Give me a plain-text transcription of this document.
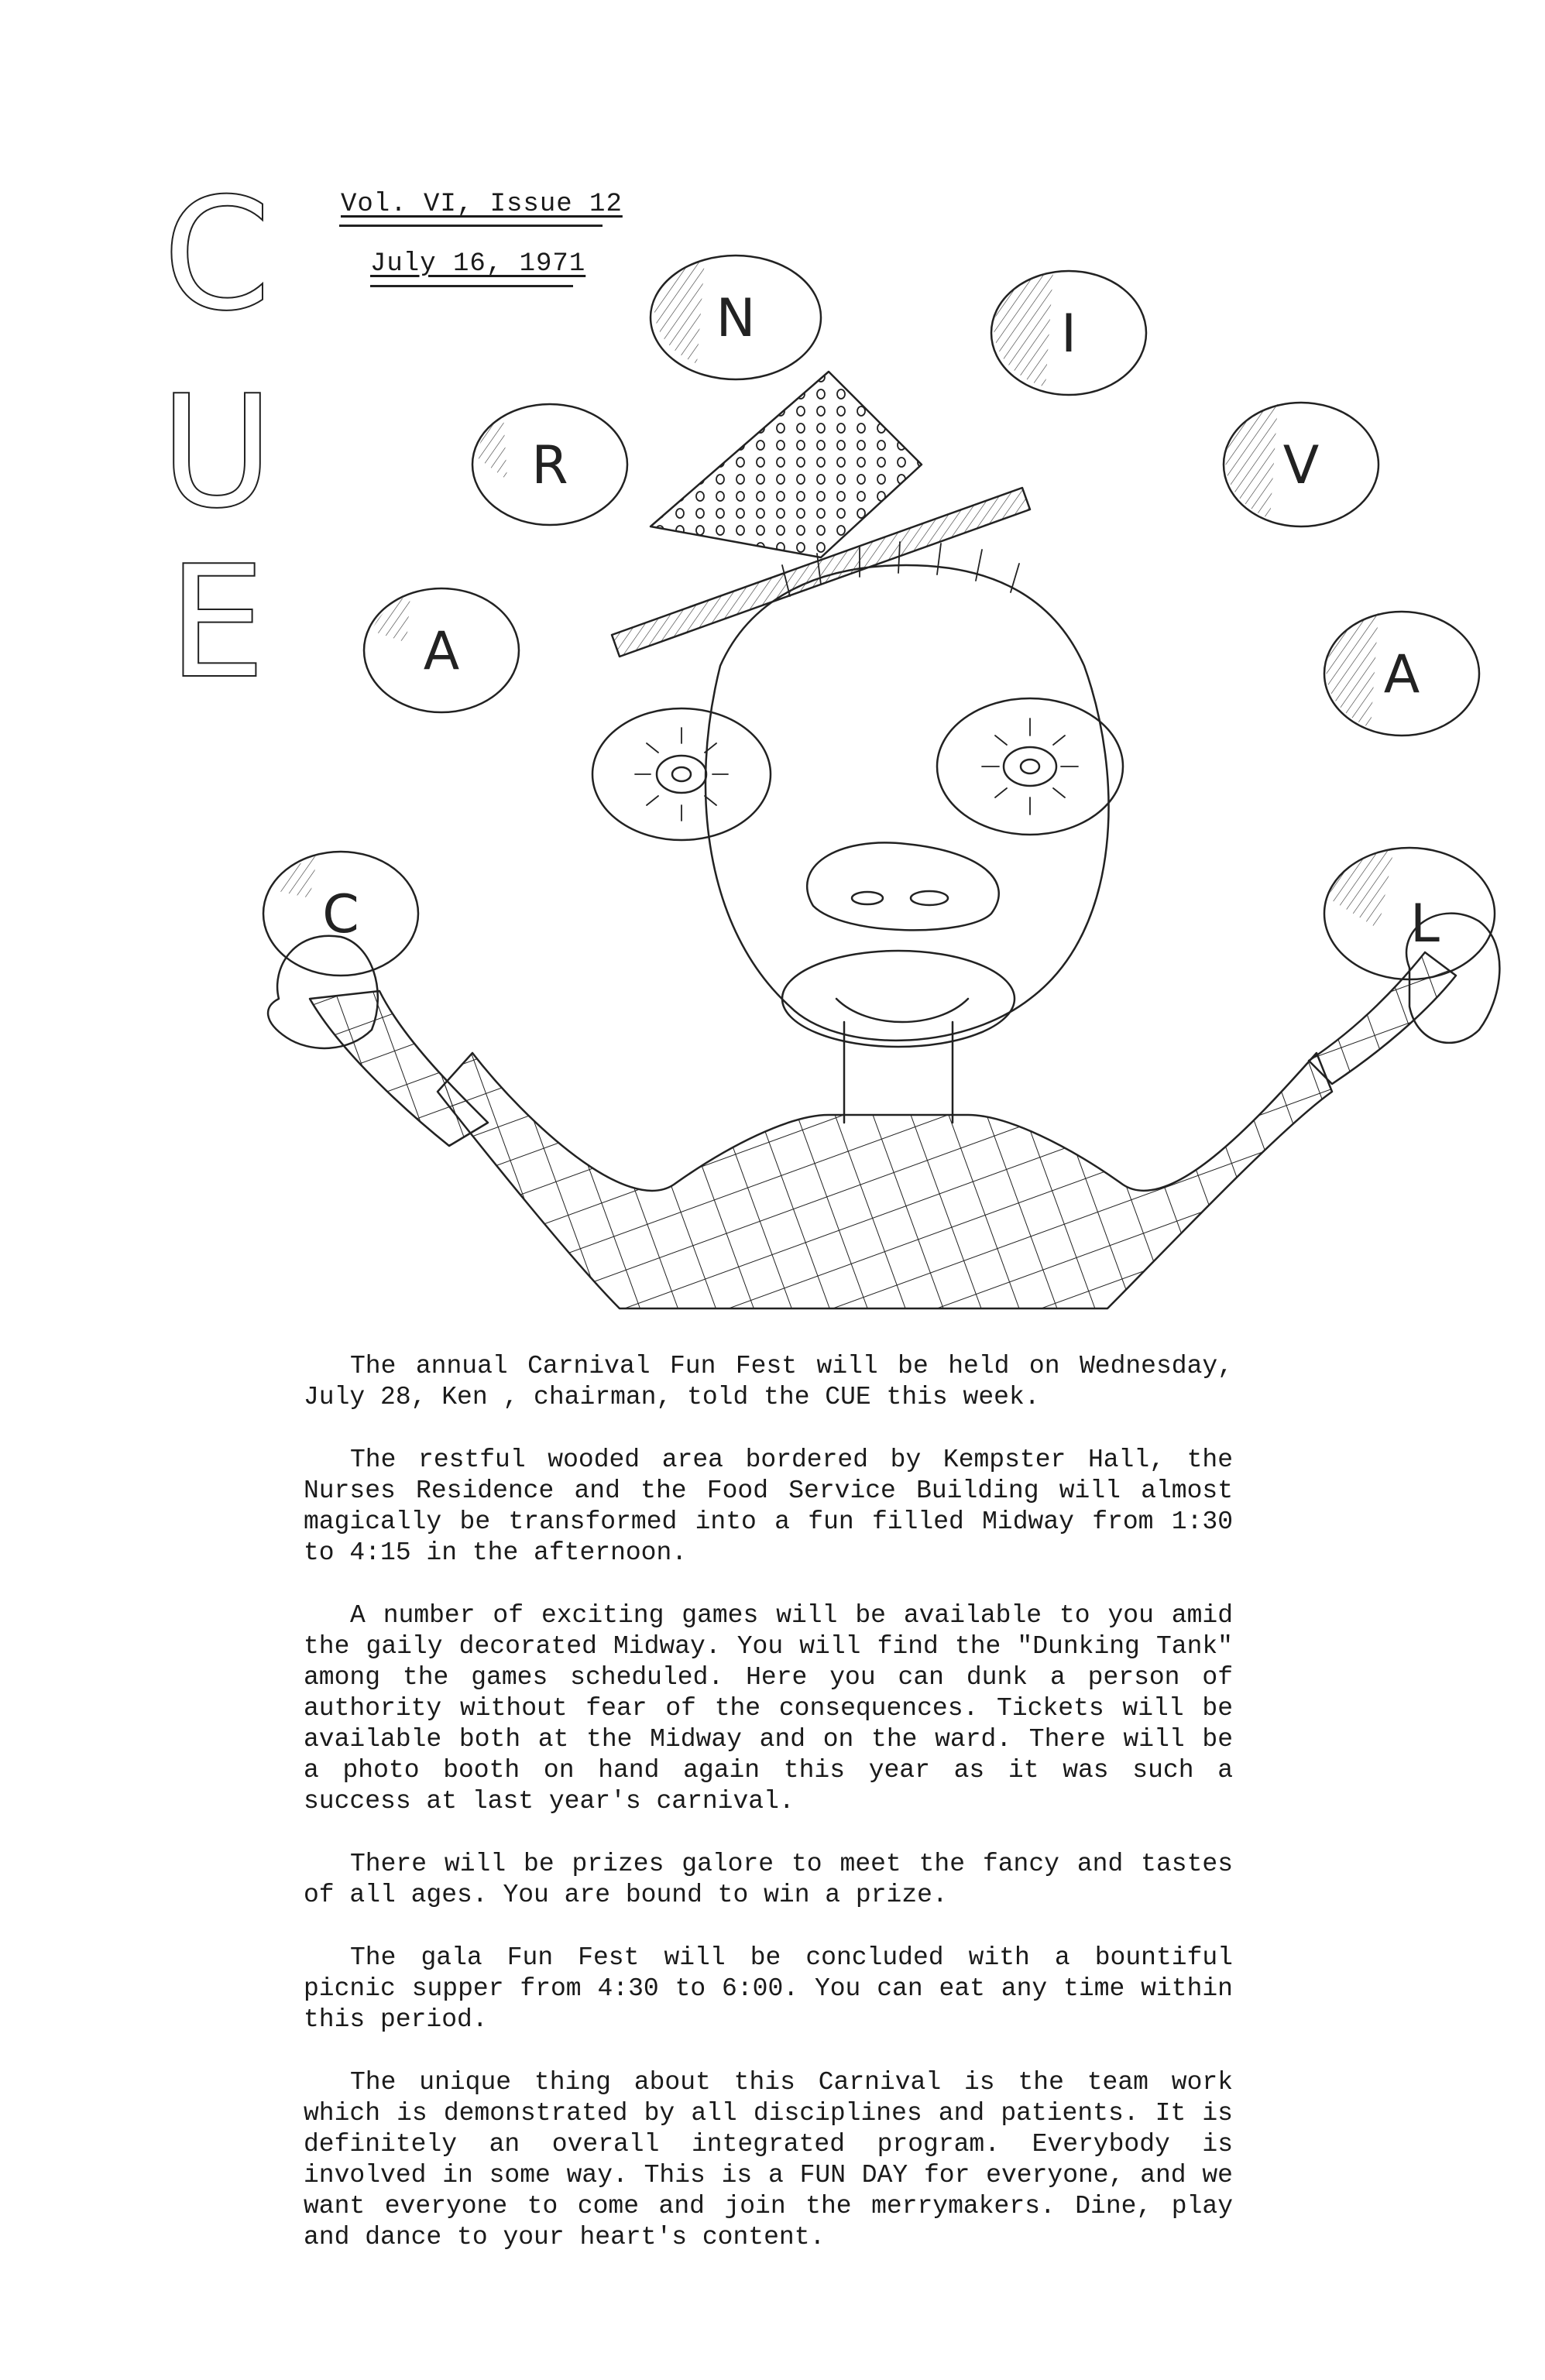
Vol. VI, Issue 12
July 16, 1971
C
U
E
C
A
R
N	I
V
A
L

The annual Carnival Fun Fest will be held on Wednesday, July 28, Ken , chairman, told the CUE this week.

The restful wooded area bordered by Kempster Hall, the Nurses Residence and the Food Service Building will almost magically be transformed into a fun filled Midway from 1:30 to 4:15 in the afternoon.

A number of exciting games will be available to you amid the gaily decorated Midway. You will find the "Dunking Tank" among the games scheduled. Here you can dunk a person of authority without fear of the consequences. Tickets will be available both at the Midway and on the ward. There will be a photo booth on hand again this year as it was such a success at last year's carnival.

There will be prizes galore to meet the fancy and tastes of all ages. You are bound to win a prize.

The gala Fun Fest will be concluded with a bountiful picnic supper from 4:30 to 6:00. You can eat any time within this period.

The unique thing about this Carnival is the team work which is demonstrated by all disciplines and patients. It is definitely an overall integrated program. Everybody is involved in some way. This is a FUN DAY for everyone, and we want everyone to come and join the merrymakers. Dine, play and dance to your heart's content.
